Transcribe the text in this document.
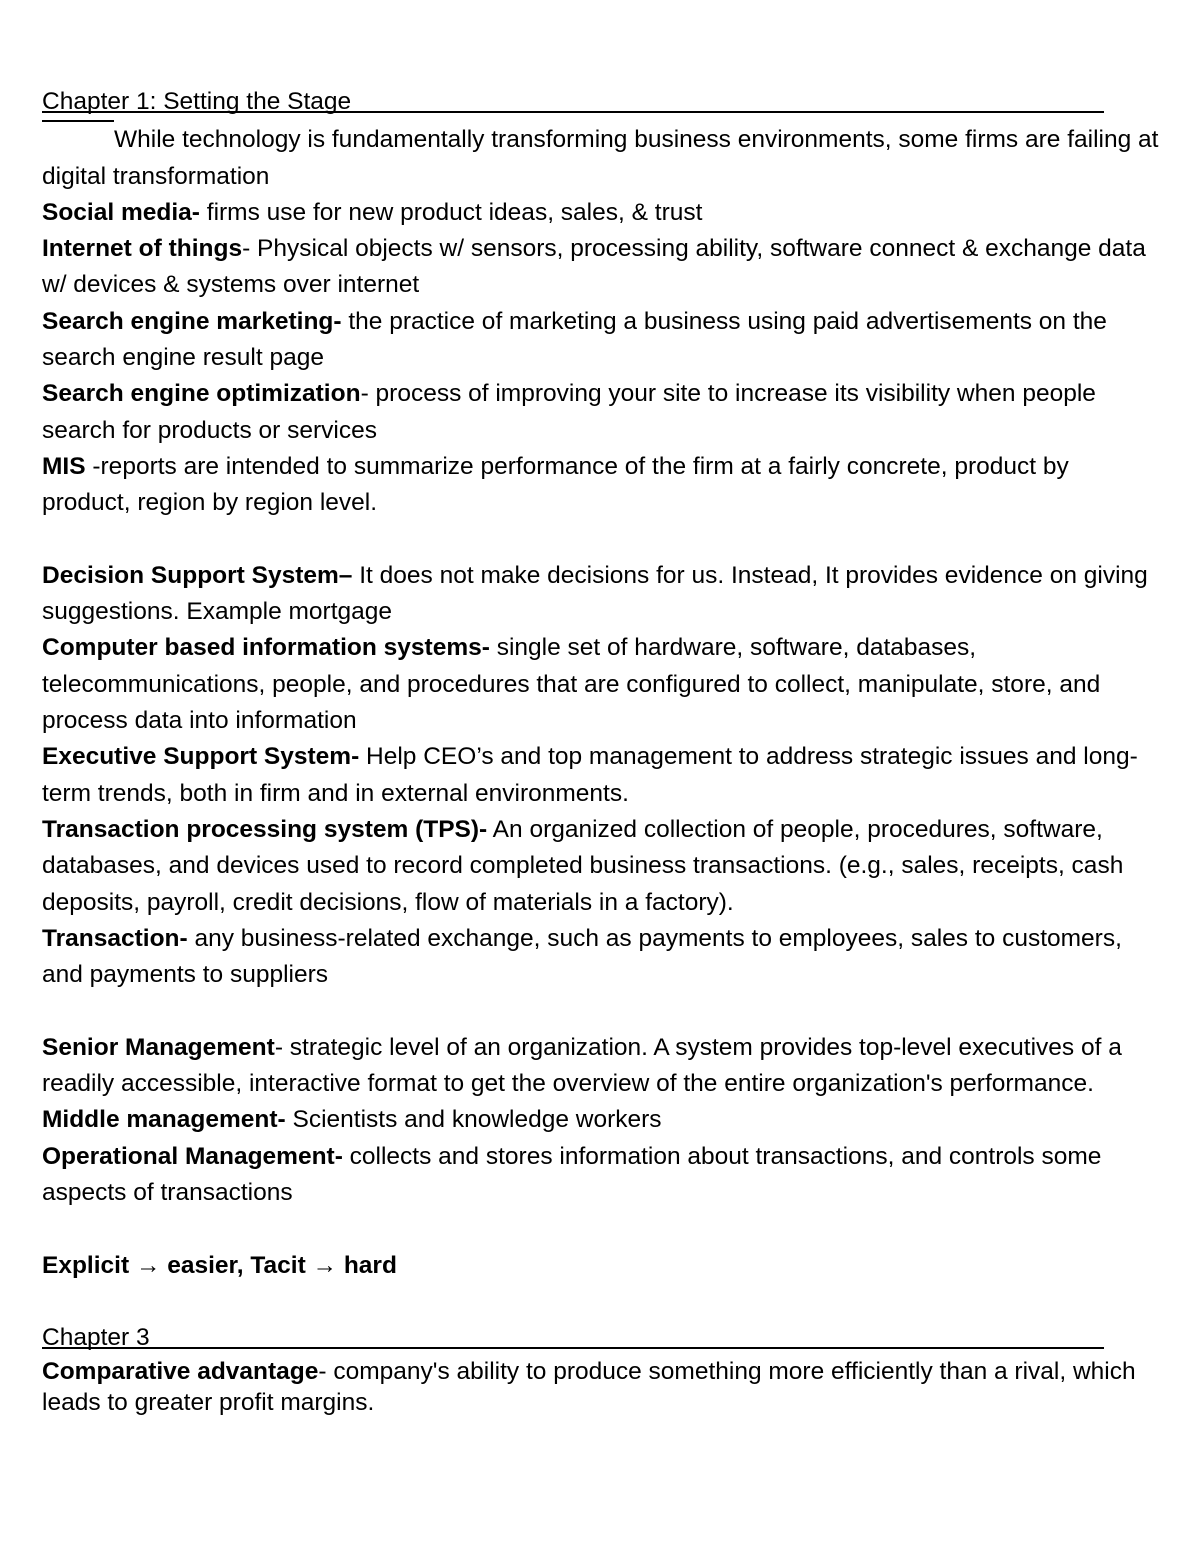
Chapter 1: Setting the Stage

While technology is fundamentally transforming business environments, some firms are failing at digital transformation

Social media- firms use for new product ideas, sales, & trust

Internet of things- Physical objects w/ sensors, processing ability, software connect & exchange data w/ devices & systems over internet

Search engine marketing- the practice of marketing a business using paid advertisements on the search engine result page

Search engine optimization- process of improving your site to increase its visibility when people search for products or services

MIS -reports are intended to summarize performance of the firm at a fairly concrete, product by product, region by region level.

Decision Support System– It does not make decisions for us. Instead, It provides evidence on giving suggestions. Example mortgage

Computer based information systems- single set of hardware, software, databases, telecommunications, people, and procedures that are configured to collect, manipulate, store, and process data into information

Executive Support System- Help CEO’s and top management to address strategic issues and long-term trends, both in firm and in external environments.

Transaction processing system (TPS)- An organized collection of people, procedures, software, databases, and devices used to record completed business transactions. (e.g., sales, receipts, cash deposits, payroll, credit decisions, flow of materials in a factory).

Transaction- any business-related exchange, such as payments to employees, sales to customers, and payments to suppliers

Senior Management- strategic level of an organization. A system provides top-level executives of a readily accessible, interactive format to get the overview of the entire organization's performance.

Middle management- Scientists and knowledge workers

Operational Management- collects and stores information about transactions, and controls some aspects of transactions

Explicit → easier, Tacit → hard

Chapter 3

Comparative advantage- company's ability to produce something more efficiently than a rival, which leads to greater profit margins.
